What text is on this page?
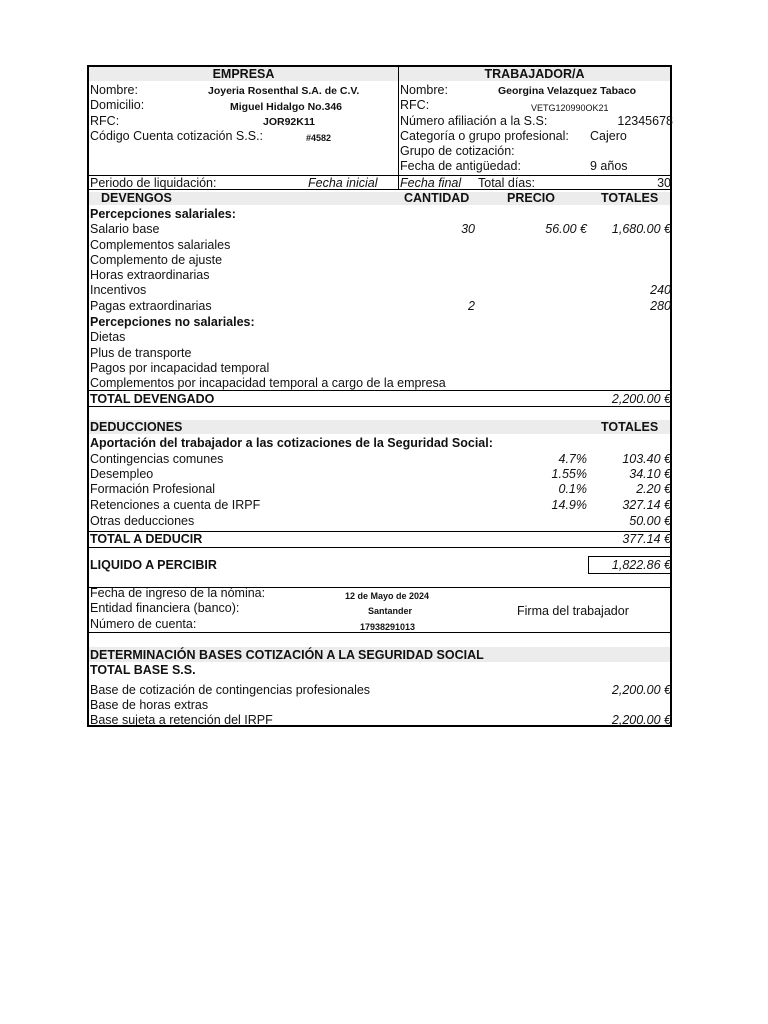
EMPRESA	TRABAJADOR/A
Nombre:	Joyeria Rosenthal S.A. de C.V.
Domicilio:	Miguel Hidalgo No.346
RFC:	JOR92K11
Código Cuenta cotización S.S.:	#4582
Nombre:	Georgina Velazquez Tabaco
RFC:	VETG120990OK21
Número afiliación a la S.S:	12345678
Categoría o grupo profesional: Cajero
Grupo de cotización:
Fecha de antigüedad:	9 años
Periodo de liquidación:	Fecha inicial Fecha final Total días:	30
DEVENGOS	CANTIDAD	PRECIO	TOTALES
Percepciones salariales:
Salario base	30	56.00 €	1,680.00 €
Complementos salariales
Complemento de ajuste
Horas extraordinarias
Incentivos	240
Pagas extraordinarias	2	280
Percepciones no salariales:
Dietas
Plus de transporte
Pagos por incapacidad temporal
Complementos por incapacidad temporal a cargo de la empresa
TOTAL DEVENGADO	2,200.00 €
DEDUCCIONES	TOTALES
Aportación del trabajador a las cotizaciones de la Seguridad Social:
Contingencias comunes	4.7%	103.40 €
Desempleo	1.55%	34.10 €
Formación Profesional	0.1%	2.20 €
Retenciones a cuenta de IRPF	14.9%	327.14 €
Otras deducciones	50.00 €
TOTAL A DEDUCIR	377.14 €
LIQUIDO A PERCIBIR	1,822.86 €
Fecha de ingreso de la nómina:	12 de Mayo de 2024
Entidad financiera (banco):	Santander	Firma del trabajador
Número de cuenta:	17938291013
DETERMINACIÓN BASES COTIZACIÓN A LA SEGURIDAD SOCIAL
TOTAL BASE S.S.
Base de cotización de contingencias profesionales	2,200.00 €
Base de horas extras
Base sujeta a retención del IRPF	2,200.00 €
